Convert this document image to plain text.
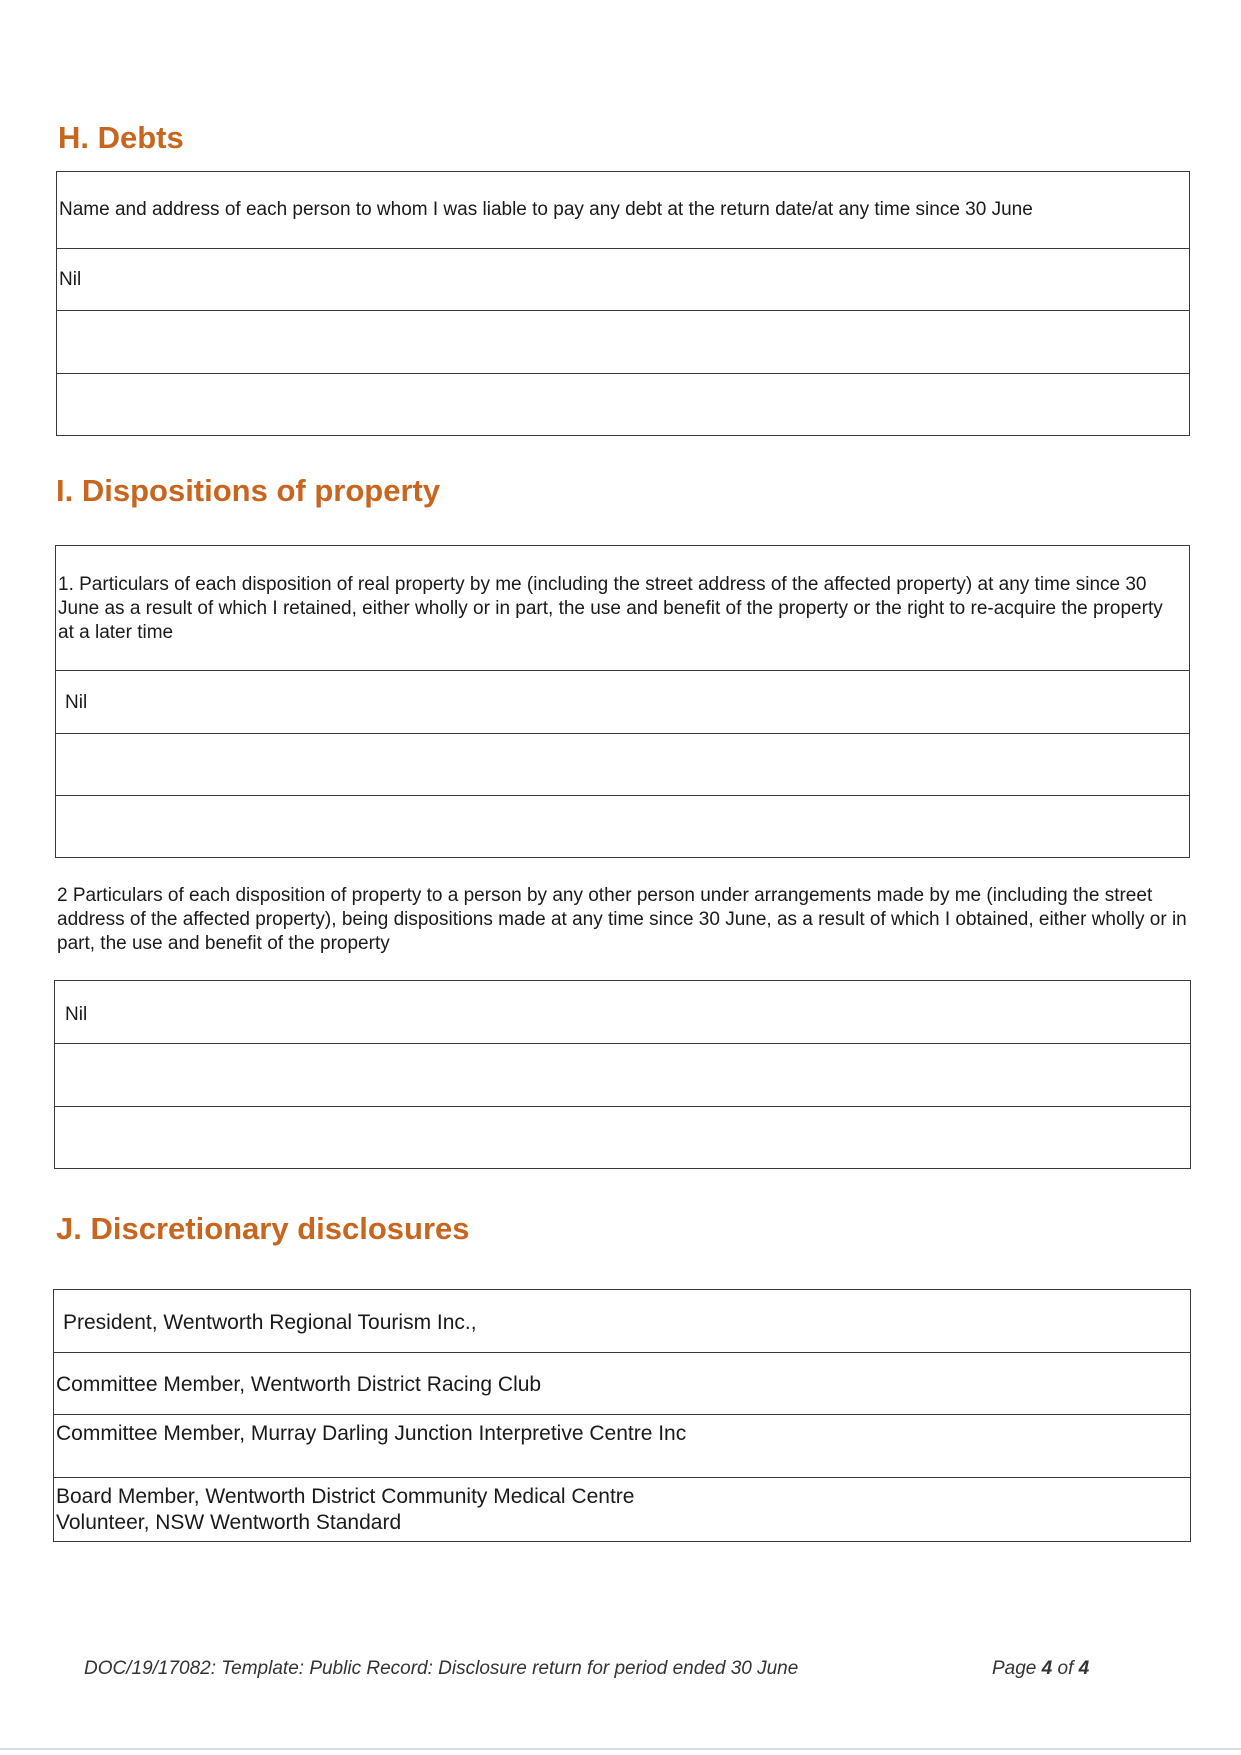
H. Debts
Name and address of each person to whom I was liable to pay any debt at the return date/at any time since 30 June
Nil
I. Dispositions of property
1. Particulars of each disposition of real property by me (including the street address of the affected property) at any time since 30 June as a result of which I retained, either wholly or in part, the use and benefit of the property or the right to re-acquire the property at a later time
Nil
2 Particulars of each disposition of property to a person by any other person under arrangements made by me (including the street address of the affected property), being dispositions made at any time since 30 June, as a result of which I obtained, either wholly or in part, the use and benefit of the property
Nil
J. Discretionary disclosures
President, Wentworth Regional Tourism Inc.,
Committee Member, Wentworth District Racing Club
Committee Member, Murray Darling Junction Interpretive Centre Inc
Board Member, Wentworth District Community Medical Centre
Volunteer, NSW Wentworth Standard
DOC/19/17082: Template: Public Record: Disclosure return for period ended 30 June	Page 4 of 4
